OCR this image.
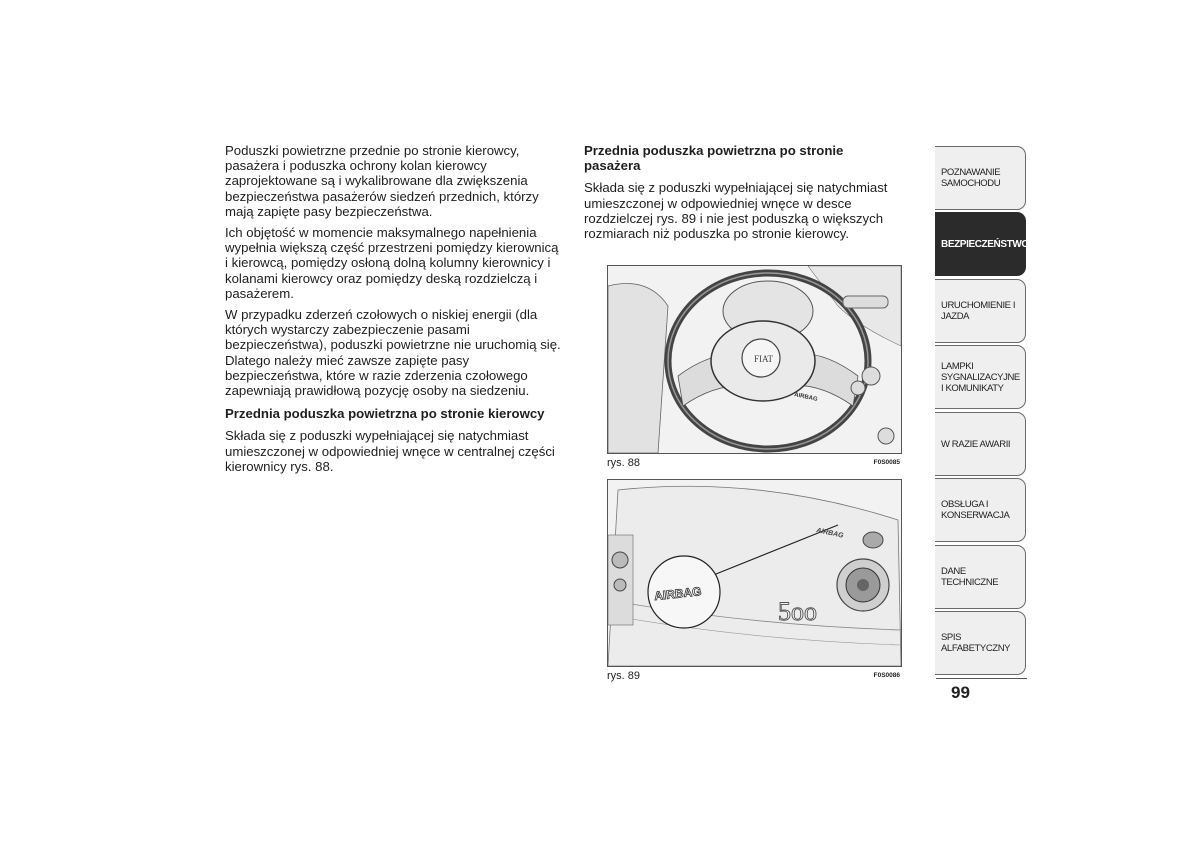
Poduszki powietrzne przednie po stronie kierowcy, pasażera i poduszka ochrony kolan kierowcy zaprojektowane są i wykalibrowane dla zwiększenia bezpieczeństwa pasażerów siedzeń przednich, którzy mają zapięte pasy bezpieczeństwa.

Ich objętość w momencie maksymalnego napełnienia wypełnia większą część przestrzeni pomiędzy kierownicą i kierowcą, pomiędzy osłoną dolną kolumny kierownicy i kolanami kierowcy oraz pomiędzy deską rozdzielczą i pasażerem.

W przypadku zderzeń czołowych o niskiej energii (dla których wystarczy zabezpieczenie pasami bezpieczeństwa), poduszki powietrzne nie uruchomią się. Dlatego należy mieć zawsze zapięte pasy bezpieczeństwa, które w razie zderzenia czołowego zapewniają prawidłową pozycję osoby na siedzeniu.

Przednia poduszka powietrzna po stronie kierowcy

Składa się z poduszki wypełniającej się natychmiast umieszczonej w odpowiedniej wnęce w centralnej części kierownicy rys. 88.

Przednia poduszka powietrzna po stronie pasażera

Składa się z poduszki wypełniającej się natychmiast umieszczonej w odpowiedniej wnęce w desce rozdzielczej rys. 89 i nie jest poduszką o większych rozmiarach niż poduszka po stronie kierowcy.

FIAT
AIRBAG
rys. 88	F0S0085
AIRBAG
AIRBAG
5oo
rys. 89	F0S0086
POZNAWANIE SAMOCHODU
BEZPIECZEŃSTWO
URUCHOMIENIE I JAZDA
LAMPKI SYGNALIZACYJNE I KOMUNIKATY
W RAZIE AWARII
OBSŁUGA I KONSERWACJA
DANE TECHNICZNE
SPIS ALFABETYCZNY
99
